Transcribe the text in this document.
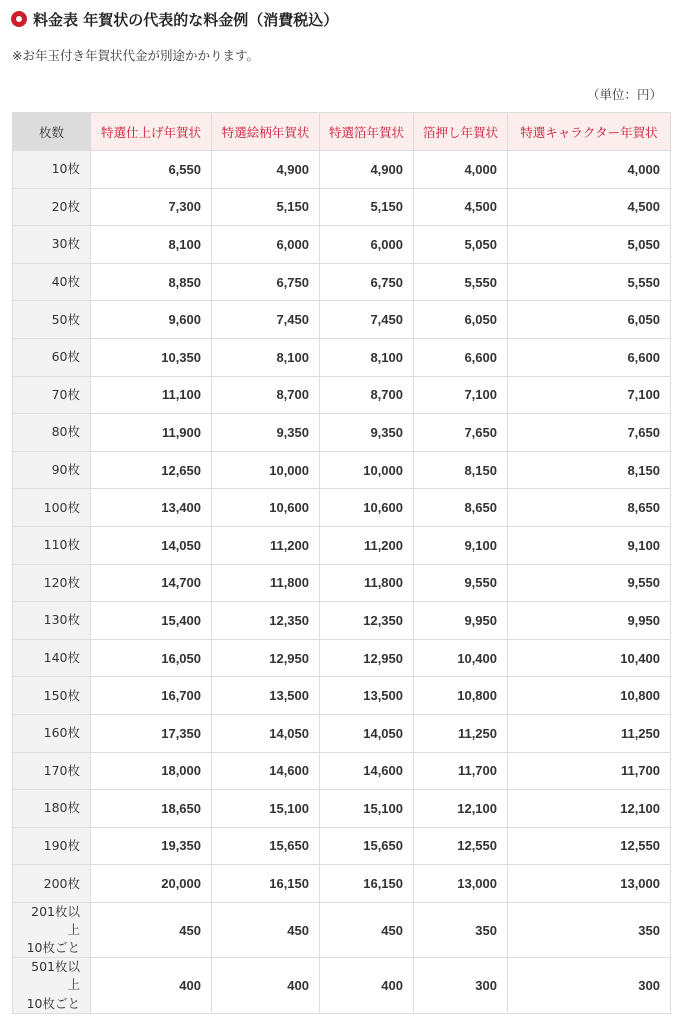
料金表 年賀状の代表的な料金例（消費税込）
※お年玉付き年賀状代金が別途かかります。
（単位：円）
枚数	特選仕上げ年賀状	特選絵柄年賀状	特選箔年賀状	箔押し年賀状	特選キャラクター年賀状
10枚	6,550	4,900	4,900	4,000	4,000
20枚	7,300	5,150	5,150	4,500	4,500
30枚	8,100	6,000	6,000	5,050	5,050
40枚	8,850	6,750	6,750	5,550	5,550
50枚	9,600	7,450	7,450	6,050	6,050
60枚	10,350	8,100	8,100	6,600	6,600
70枚	11,100	8,700	8,700	7,100	7,100
80枚	11,900	9,350	9,350	7,650	7,650
90枚	12,650	10,000	10,000	8,150	8,150
100枚	13,400	10,600	10,600	8,650	8,650
110枚	14,050	11,200	11,200	9,100	9,100
120枚	14,700	11,800	11,800	9,550	9,550
130枚	15,400	12,350	12,350	9,950	9,950
140枚	16,050	12,950	12,950	10,400	10,400
150枚	16,700	13,500	13,500	10,800	10,800
160枚	17,350	14,050	14,050	11,250	11,250
170枚	18,000	14,600	14,600	11,700	11,700
180枚	18,650	15,100	15,100	12,100	12,100
190枚	19,350	15,650	15,650	12,550	12,550
200枚	20,000	16,150	16,150	13,000	13,000
201枚以上
10枚ごと	450	450	450	350	350
501枚以上
10枚ごと	400	400	400	300	300
